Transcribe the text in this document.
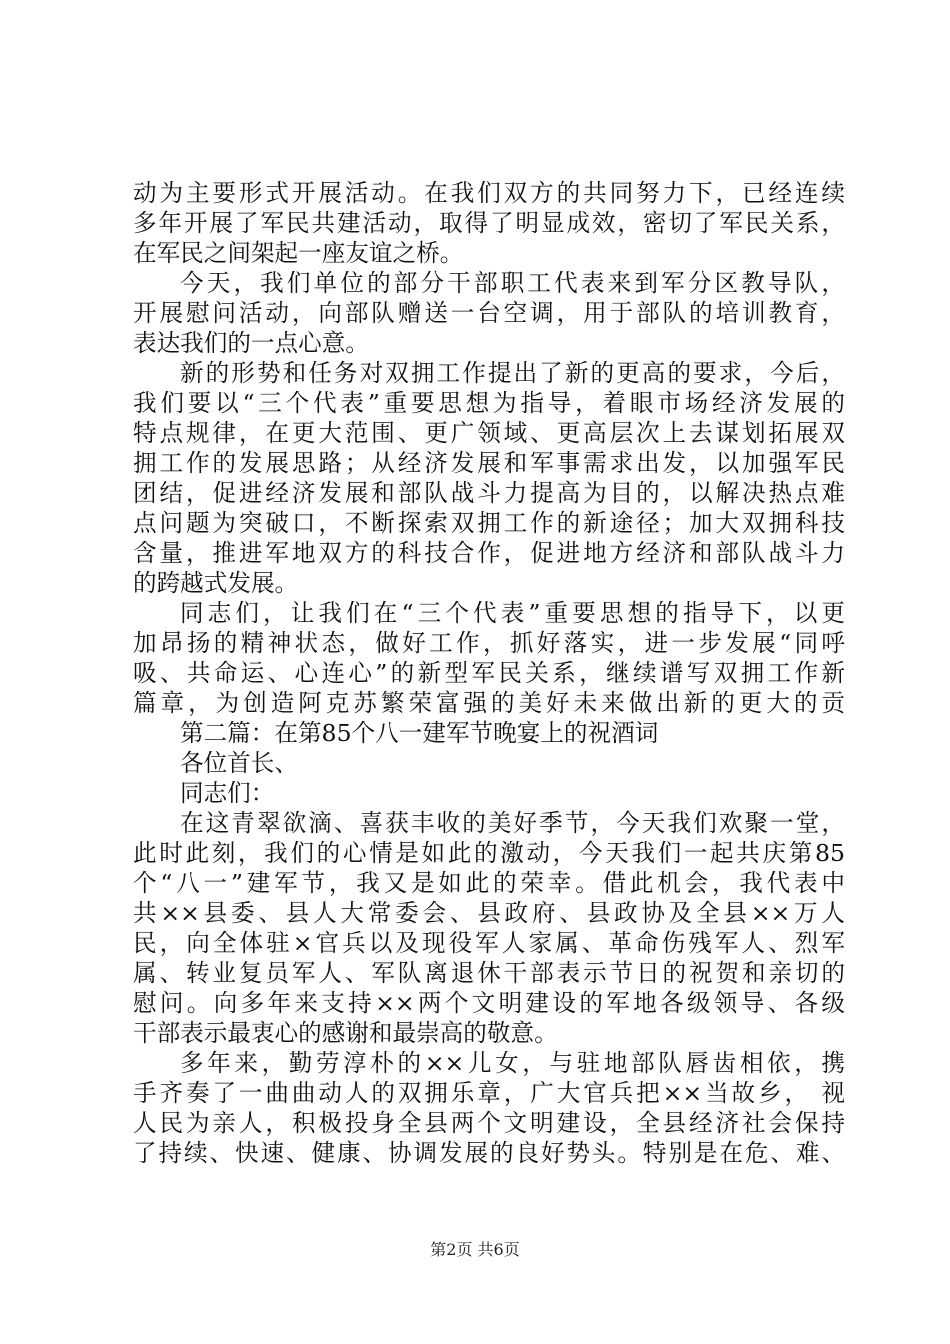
动为主要形式开展活动。在我们双方的共同努力下，已经连续
多年开展了军民共建活动，取得了明显成效，密切了军民关系，
在军民之间架起一座友谊之桥。
今天，我们单位的部分干部职工代表来到军分区教导队，
开展慰问活动，向部队赠送一台空调，用于部队的培训教育，
表达我们的一点心意。
新的形势和任务对双拥工作提出了新的更高的要求，今后，
我们要以“三个代表”重要思想为指导，着眼市场经济发展的
特点规律，在更大范围、更广领域、更高层次上去谋划拓展双
拥工作的发展思路；从经济发展和军事需求出发，以加强军民
团结，促进经济发展和部队战斗力提高为目的，以解决热点难
点问题为突破口，不断探索双拥工作的新途径；加大双拥科技
含量，推进军地双方的科技合作，促进地方经济和部队战斗力
的跨越式发展。
同志们，让我们在“三个代表”重要思想的指导下，以更
加昂扬的精神状态，做好工作，抓好落实，进一步发展“同呼
吸、共命运、心连心”的新型军民关系，继续谱写双拥工作新
篇章，为创造阿克苏繁荣富强的美好未来做出新的更大的贡
第二篇：在第85个八一建军节晚宴上的祝酒词
各位首长、
同志们：
在这青翠欲滴、喜获丰收的美好季节，今天我们欢聚一堂，
此时此刻，我们的心情是如此的激动，今天我们一起共庆第85
个“八一”建军节，我又是如此的荣幸。借此机会，我代表中
共××县委、县人大常委会、县政府、县政协及全县××万人
民，向全体驻×官兵以及现役军人家属、革命伤残军人、烈军
属、转业复员军人、军队离退休干部表示节日的祝贺和亲切的
慰问。向多年来支持××两个文明建设的军地各级领导、各级
干部表示最衷心的感谢和最崇高的敬意。
多年来，勤劳淳朴的××儿女，与驻地部队唇齿相依，携
手齐奏了一曲曲动人的双拥乐章，广大官兵把××当故乡， 视
人民为亲人，积极投身全县两个文明建设，全县经济社会保持
了持续、快速、健康、协调发展的良好势头。特别是在危、难、
第2页 共6页
